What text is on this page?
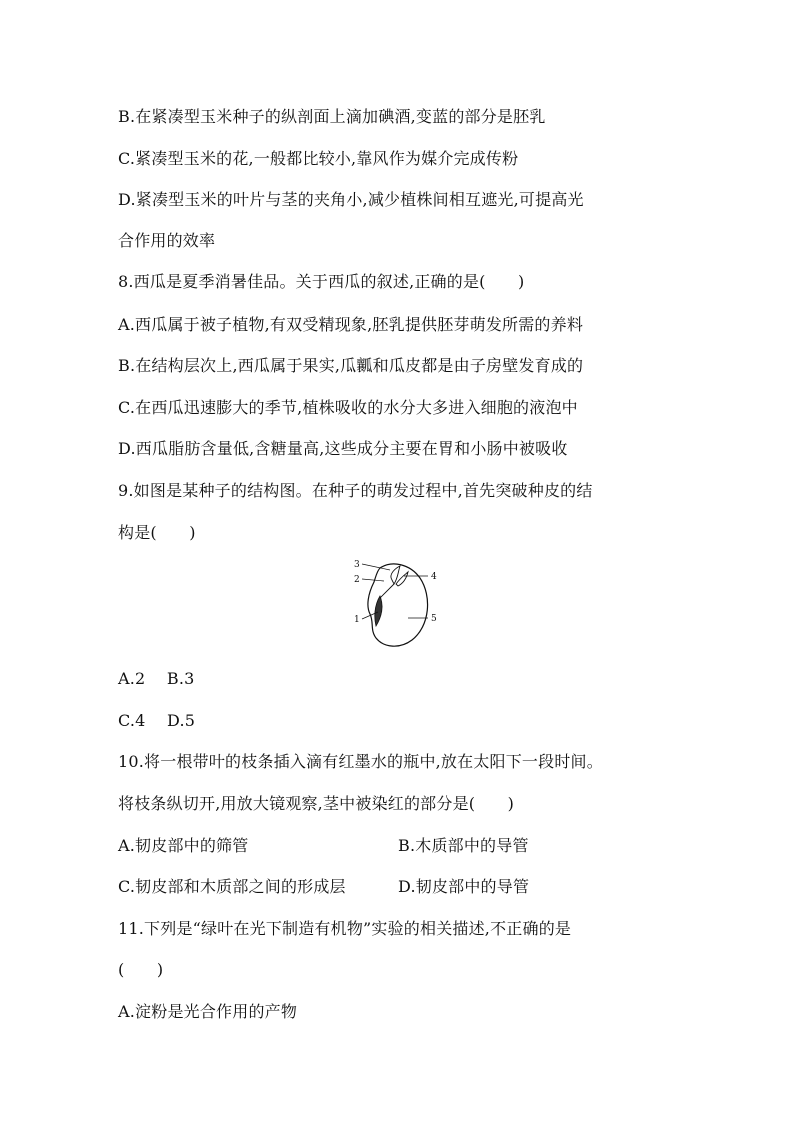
B.在紧凑型玉米种子的纵剖面上滴加碘酒,变蓝的部分是胚乳
C.紧凑型玉米的花,一般都比较小,靠风作为媒介完成传粉
D.紧凑型玉米的叶片与茎的夹角小,减少植株间相互遮光,可提高光
合作用的效率
8.西瓜是夏季消暑佳品。关于西瓜的叙述,正确的是(　　)
A.西瓜属于被子植物,有双受精现象,胚乳提供胚芽萌发所需的养料
B.在结构层次上,西瓜属于果实,瓜瓤和瓜皮都是由子房壁发育成的
C.在西瓜迅速膨大的季节,植株吸收的水分大多进入细胞的液泡中
D.西瓜脂肪含量低,含糖量高,这些成分主要在胃和小肠中被吸收
9.如图是某种子的结构图。在种子的萌发过程中,首先突破种皮的结
构是(　　)
3
2
1
4
5
A.2　 B.3
C.4　 D.5
10.将一根带叶的枝条插入滴有红墨水的瓶中,放在太阳下一段时间。
将枝条纵切开,用放大镜观察,茎中被染红的部分是(　　)
A.韧皮部中的筛管	B.木质部中的导管
C.韧皮部和木质部之间的形成层	D.韧皮部中的导管
11.下列是“绿叶在光下制造有机物”实验的相关描述,不正确的是
(　　)
A.淀粉是光合作用的产物
